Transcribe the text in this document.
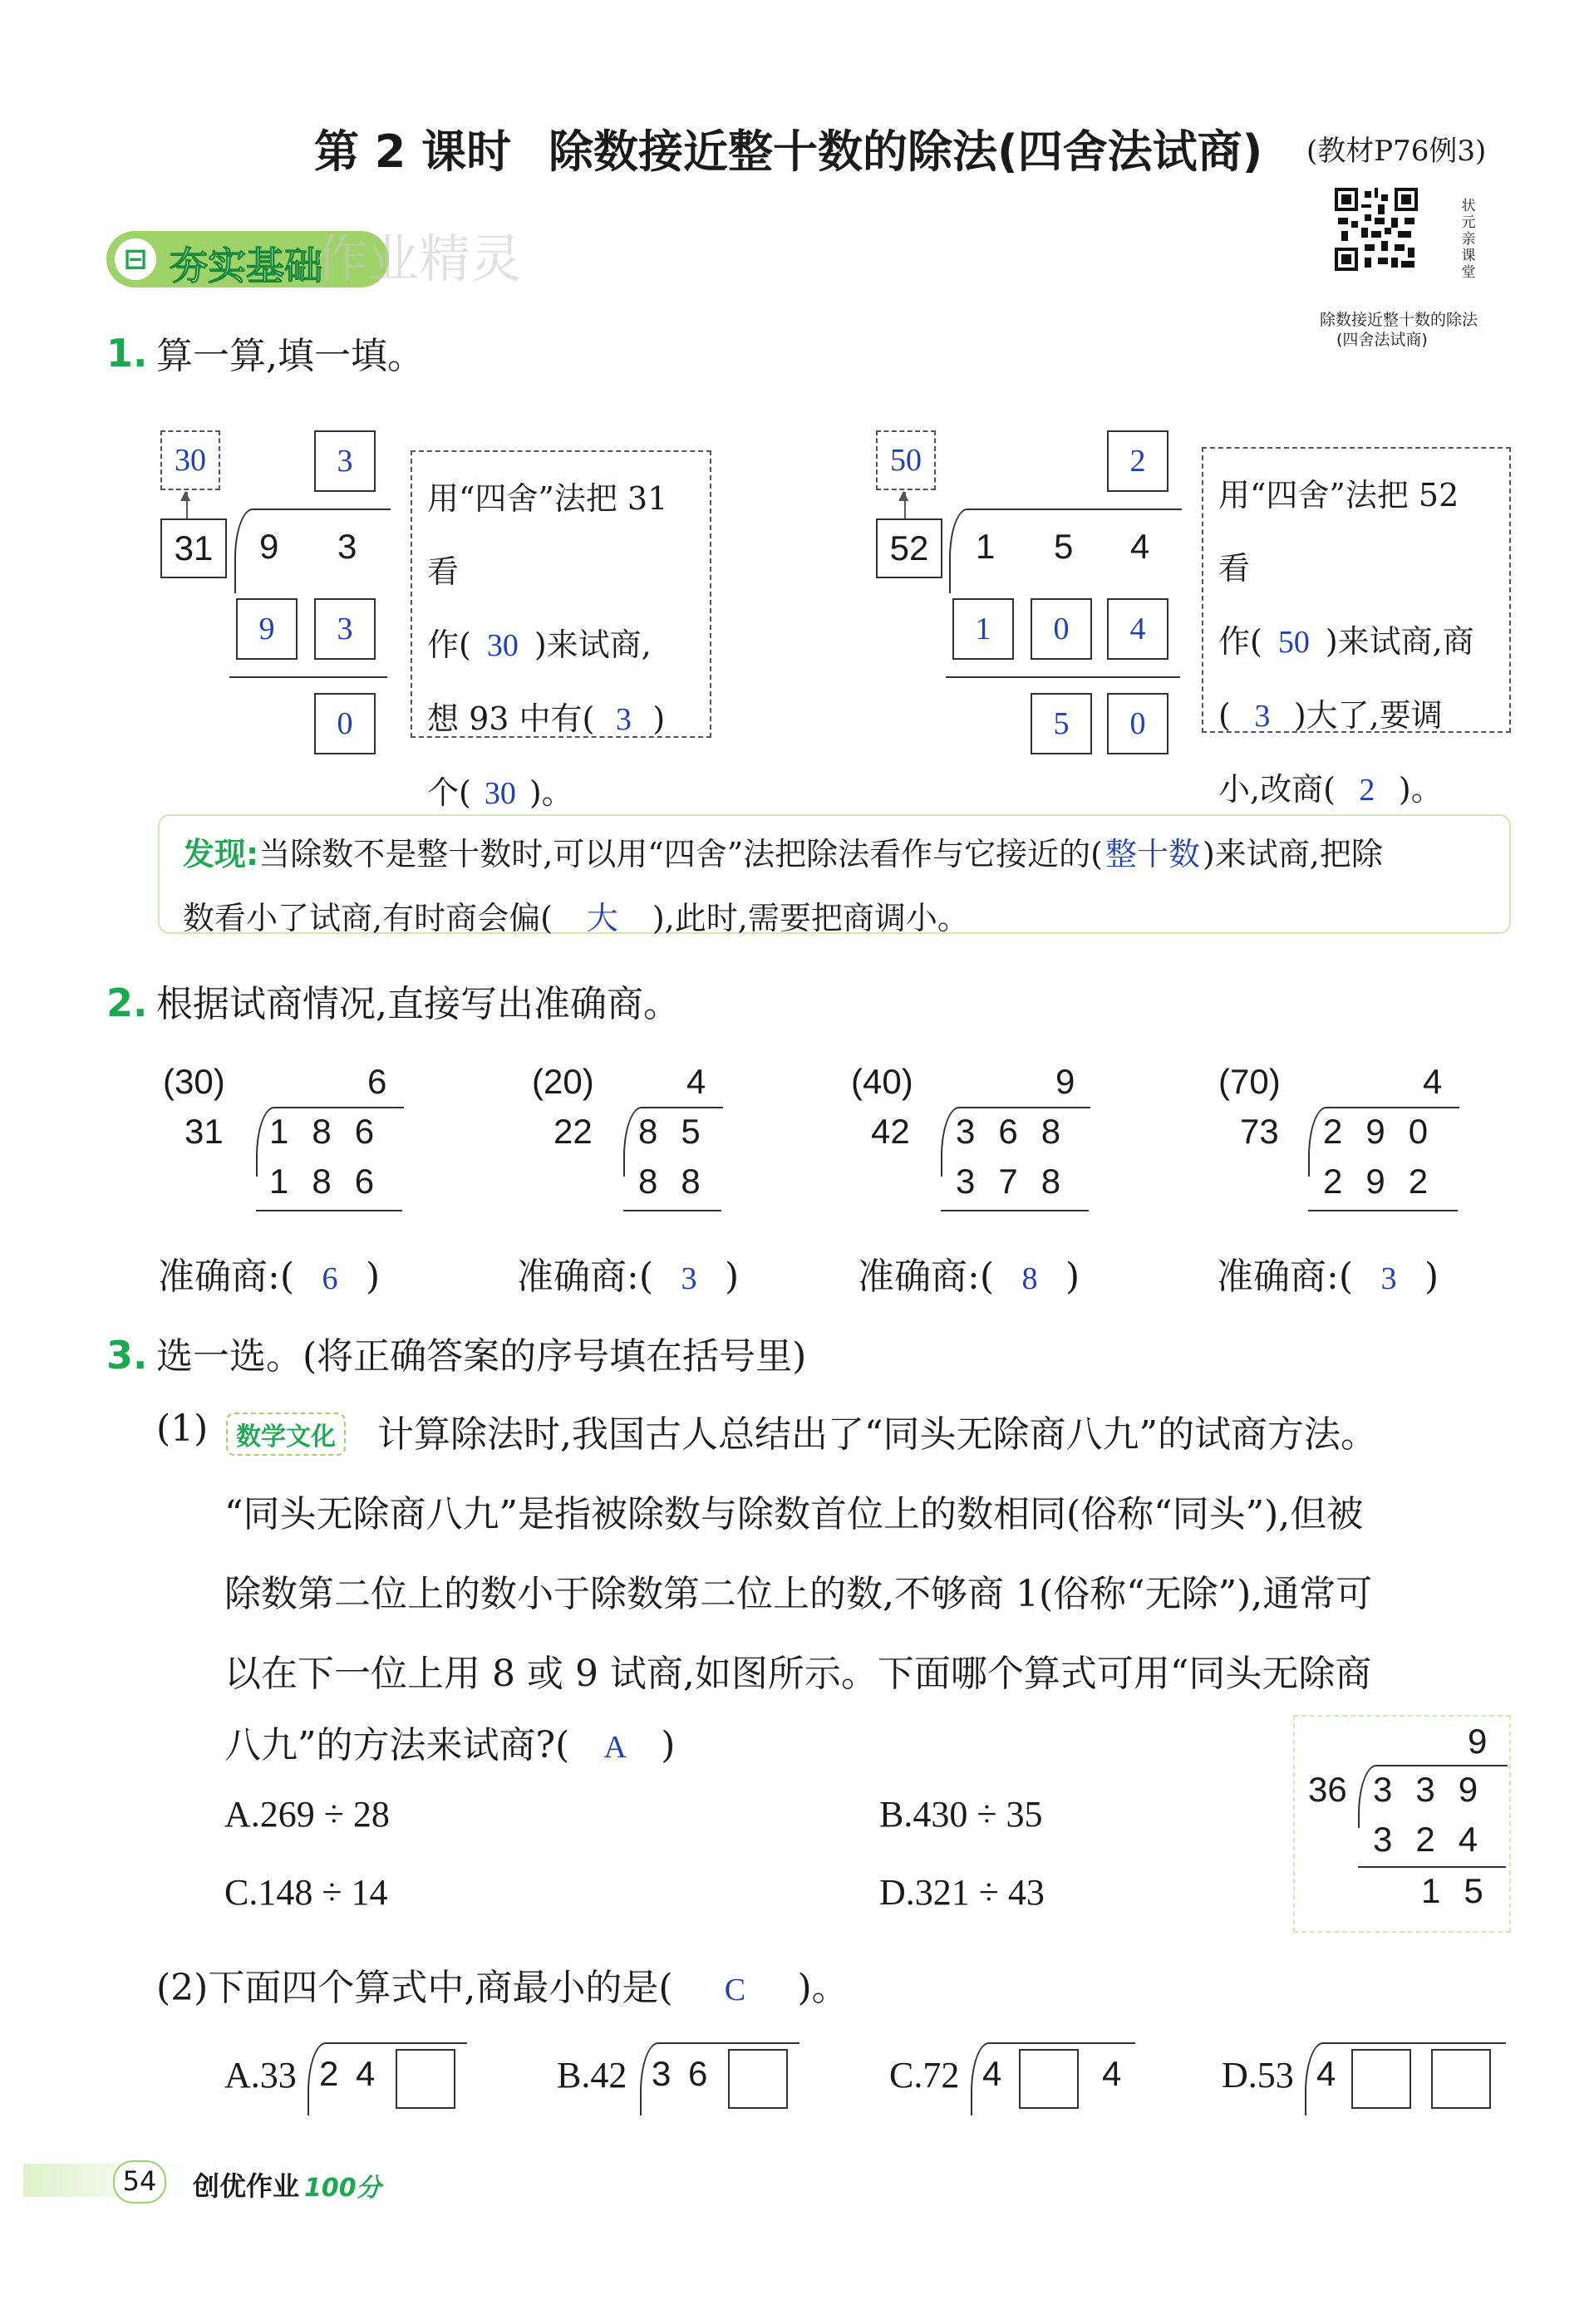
第 2 课时 除数接近整十数的除法(四舍法试商) (教材P76例3)
状元亲课堂
除数接近整十数的除法
(四舍法试商)
⊟ 夯实基础
作业精灵
1. 算一算,填一填。
30
▲
3
31	9 3
9	3
0
用“四舍”法把 31 看
作( 30 )来试商,
想 93 中有( 3 )
个( 30 )。
50
▲
2
52	1 5 4
1	0	4
5	0
用“四舍”法把 52 看
作( 50 )来试商,商
( 3 )大了,要调
小,改商( 2 )。
发现:当除数不是整十数时,可以用“四舍”法把除法看作与它接近的(整十数)来试商,把除
数看小了试商,有时商会偏( 大 ),此时,需要把商调小。
2. 根据试商情况,直接写出准确商。
(30)	6
31 186
186
准确商:( 6 )
(20)	4
22 85
88
准确商:( 3 )
(40)	9
42 368
378
准确商:( 8 )
(70)	4
73 290
292
准确商:( 3 )
3. 选一选。(将正确答案的序号填在括号里)
(1)	数学文化 计算除法时,我国古人总结出了“同头无除商八九”的试商方法。
“同头无除商八九”是指被除数与除数首位上的数相同(俗称“同头”),但被
除数第二位上的数小于除数第二位上的数,不够商 1(俗称“无除”),通常可
以在下一位上用 8 或 9 试商,如图所示。下面哪个算式可用“同头无除商
八九”的方法来试商?( A )
A.269 ÷ 28	B.430 ÷ 35
C.148 ÷ 14	D.321 ÷ 43
9
36 339
324
15
(2)下面四个算式中,商最小的是( C )。
A.33 2 4	B.42 3 6	C.72 4	4	D.53 4
54	创优作业 100分
